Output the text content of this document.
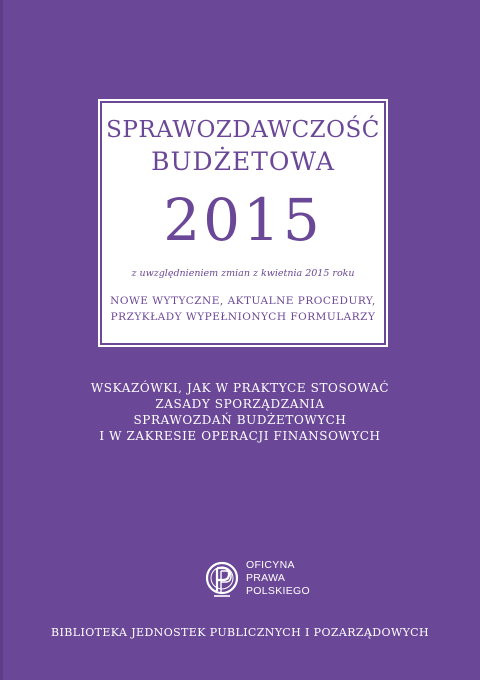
SPRAWOZDAWCZOŚĆ
BUDŻETOWA
2015
z uwzględnieniem zmian z kwietnia 2015 roku
NOWE WYTYCZNE, AKTUALNE PROCEDURY,
PRZYKŁADY WYPEŁNIONYCH FORMULARZY
WSKAZÓWKI, JAK W PRAKTYCE STOSOWAĆ
ZASADY SPORZĄDZANIA
SPRAWOZDAŃ BUDŻETOWYCH
I W ZAKRESIE OPERACJI FINANSOWYCH
OFICYNA
PRAWA
POLSKIEGO
BIBLIOTEKA JEDNOSTEK PUBLICZNYCH I POZARZĄDOWYCH
